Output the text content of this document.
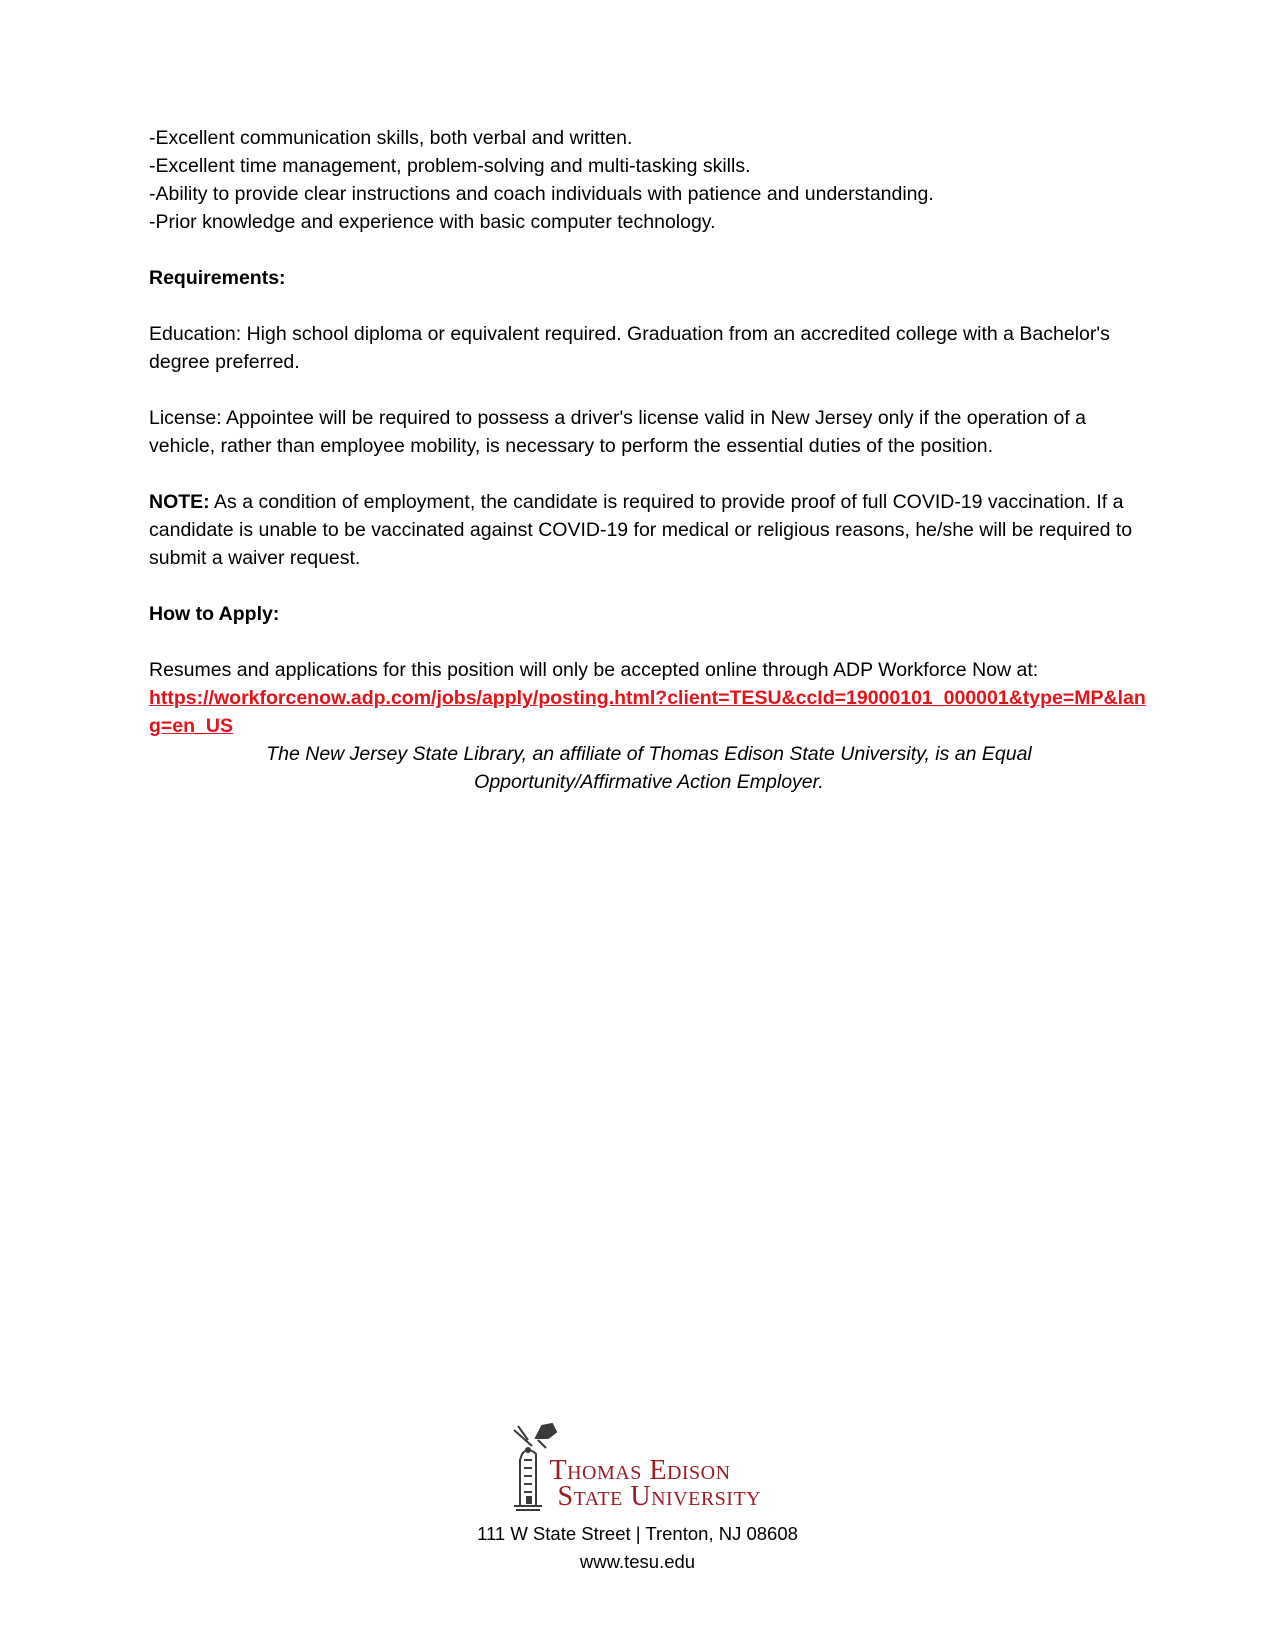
-Excellent communication skills, both verbal and written.

-Excellent time management, problem-solving and multi-tasking skills.

-Ability to provide clear instructions and coach individuals with patience and understanding.

-Prior knowledge and experience with basic computer technology.

Requirements:

Education: High school diploma or equivalent required. Graduation from an accredited college with a Bachelor's degree preferred.

License: Appointee will be required to possess a driver's license valid in New Jersey only if the operation of a vehicle, rather than employee mobility, is necessary to perform the essential duties of the position.

NOTE: As a condition of employment, the candidate is required to provide proof of full COVID-19 vaccination. If a candidate is unable to be vaccinated against COVID-19 for medical or religious reasons, he/she will be required to submit a waiver request.

How to Apply:

Resumes and applications for this position will only be accepted online through ADP Workforce Now at:

https://workforcenow.adp.com/jobs/apply/posting.html?client=TESU&ccId=19000101_000001&type=MP&lang=en_US

The New Jersey State Library, an affiliate of Thomas Edison State University, is an Equal Opportunity/Affirmative Action Employer.

Thomas Edison
State University
111 W State Street | Trenton, NJ 08608
www.tesu.edu
